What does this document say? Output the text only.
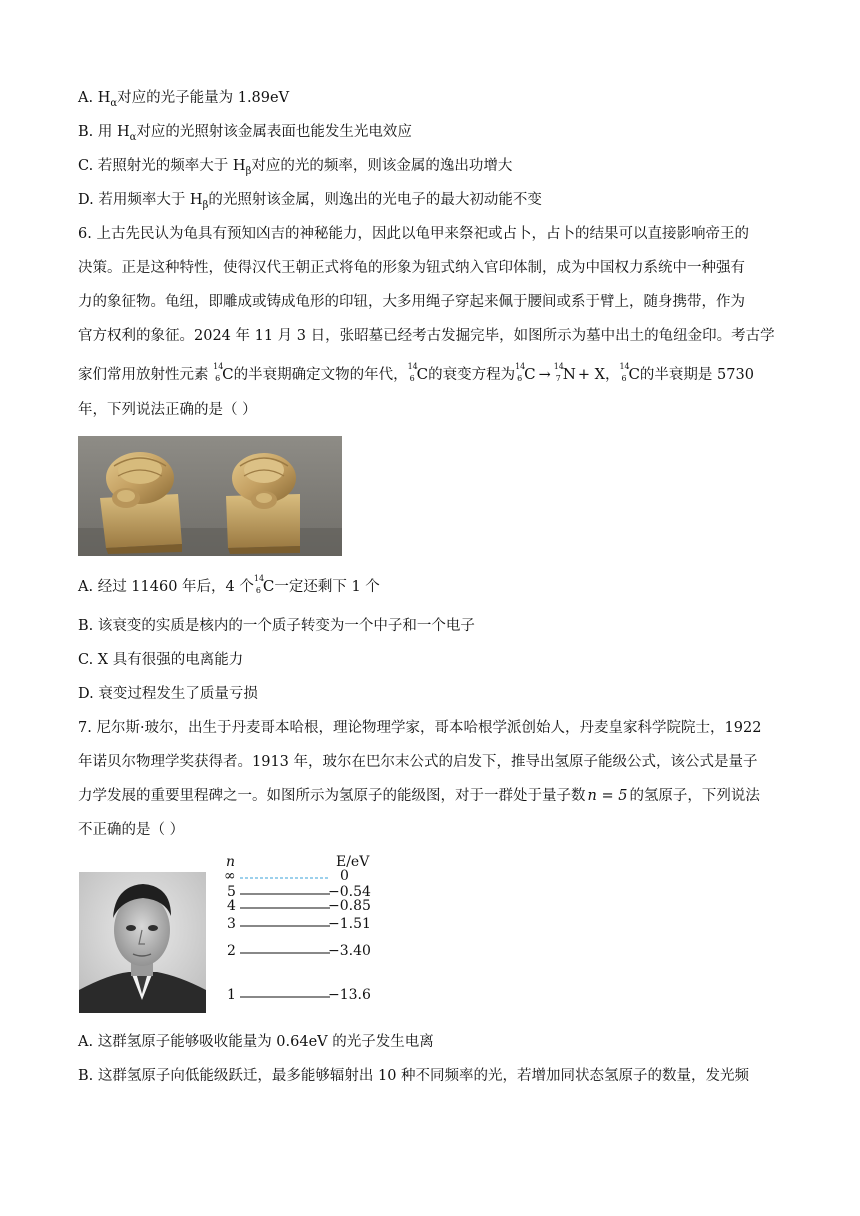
A. $H_\alpha$对应的光子能量为 1.89eV
B. 用 $H_\alpha$对应的光照射该金属表面也能发生光电效应
C. 若照射光的频率大于 $H_\beta$对应的光的频率，则该金属的逸出功增大
D. 若用频率大于 $H_\beta$的光照射该金属，则逸出的光电子的最大初动能不变
6. 上古先民认为龟具有预知凶吉的神秘能力，因此以龟甲来祭祀或占卜，占卜的结果可以直接影响帝王的
决策。正是这种特性，使得汉代王朝正式将龟的形象为钮式纳入官印体制，成为中国权力系统中一种强有
力的象征物。龟纽，即雕成或铸成龟形的印钮，大多用绳子穿起来佩于腰间或系于臂上，随身携带，作为
官方权利的象征。2024 年 11 月 3 日，张昭墓已经考古发掘完毕，如图所示为墓中出土的龟纽金印。考古学
家们常用放射性元素
14
6 C的半衰期确定文物的年代，
14
6 C的衰变方程为
14
6 C →
14
7 N + X，
14
6 C的半衰期是 5730
年，下列说法正确的是（ ）
A. 经过 11460 年后，4 个
14
6 C一定还剩下 1 个
B. 该衰变的实质是核内的一个质子转变为一个中子和一个电子
C. X 具有很强的电离能力
D. 衰变过程发生了质量亏损
7. 尼尔斯·玻尔，出生于丹麦哥本哈根，理论物理学家，哥本哈根学派创始人，丹麦皇家科学院院士，1922
年诺贝尔物理学奖获得者。1913 年，玻尔在巴尔末公式的启发下，推导出氢原子能级公式，该公式是量子
力学发展的重要里程碑之一。如图所示为氢原子的能级图，对于一群处于量子数 n = 5 的氢原子，下列说法
不正确的是（ ）
n	E/eV
∞	0
5	−0.54
4	−0.85
3	−1.51
2	−3.40
1	−13.6
A. 这群氢原子能够吸收能量为 0.64eV 的光子发生电离
B. 这群氢原子向低能级跃迁，最多能够辐射出 10 种不同频率的光，若增加同状态氢原子的数量，发光频
